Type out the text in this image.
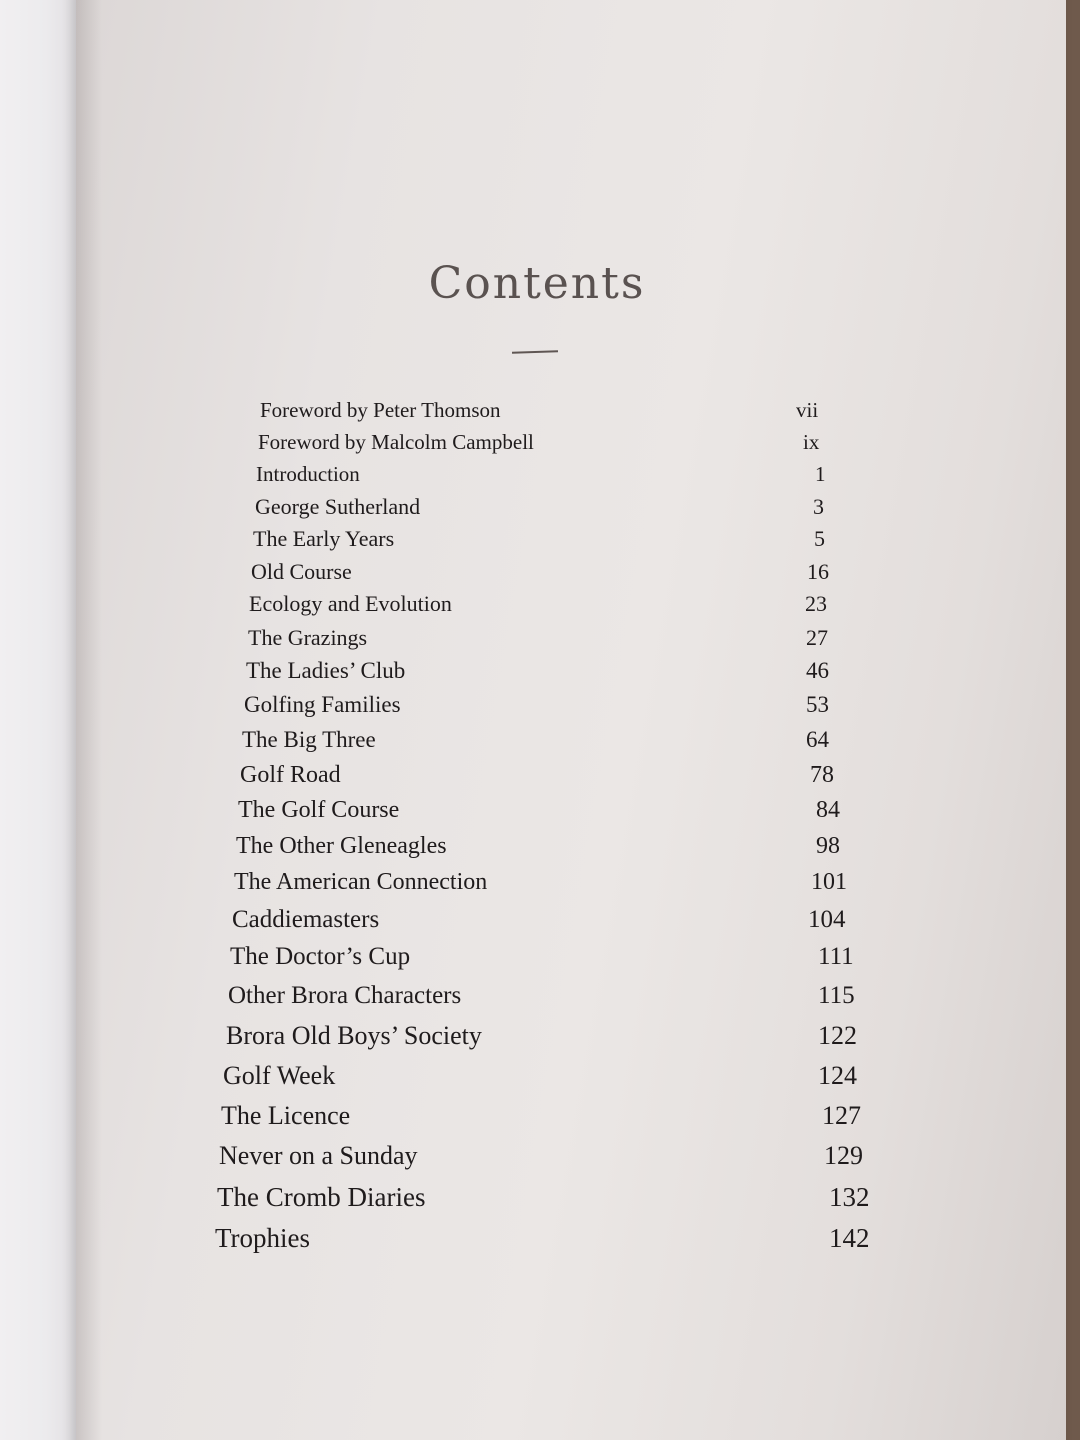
Contents
Foreword by Peter Thomson	vii
Foreword by Malcolm Campbell	ix
Introduction	1
George Sutherland	3
The Early Years	5
Old Course	16
Ecology and Evolution	23
The Grazings	27
The Ladies’ Club	46
Golfing Families	53
The Big Three	64
Golf Road	78
The Golf Course	84
The Other Gleneagles	98
The American Connection	101
Caddiemasters	104
The Doctor’s Cup	111
Other Brora Characters	115
Brora Old Boys’ Society	122
Golf Week	124
The Licence	127
Never on a Sunday	129
The Cromb Diaries	132
Trophies	142
